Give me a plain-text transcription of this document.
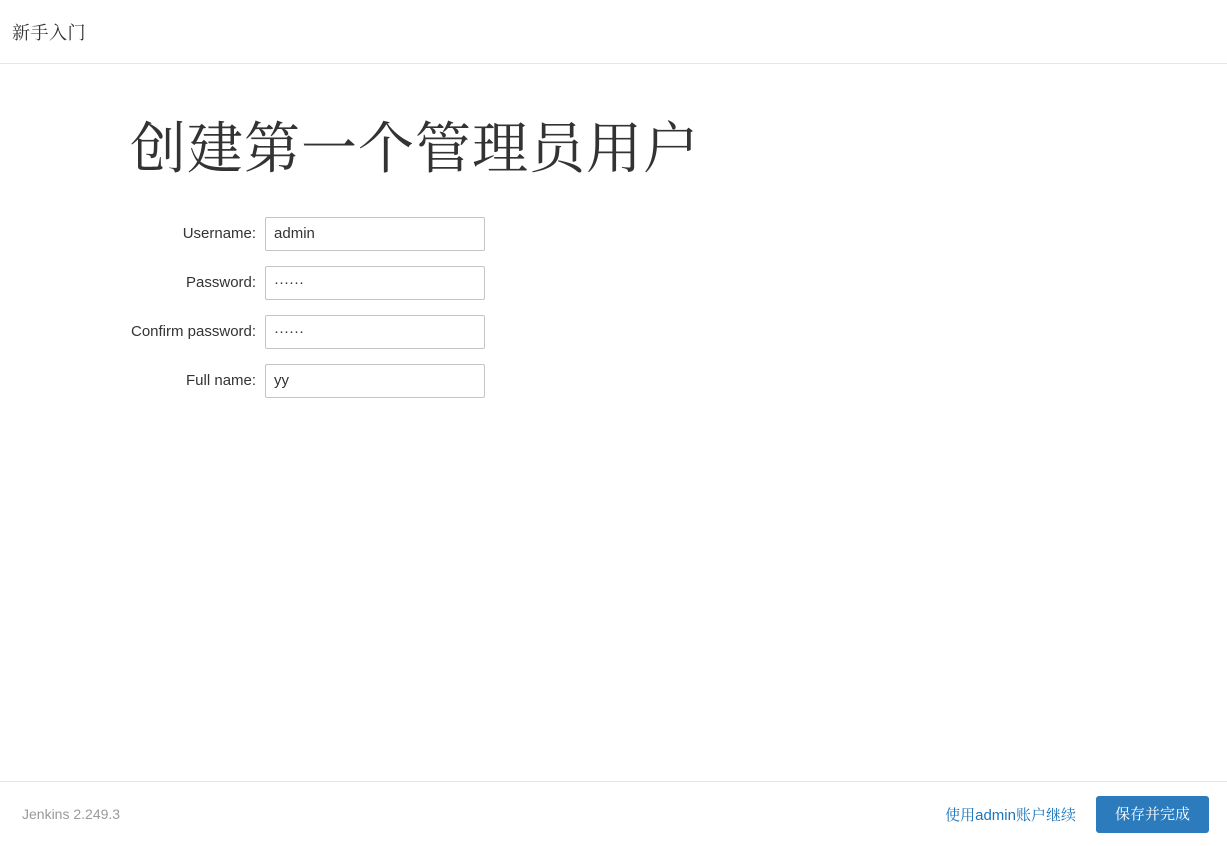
新手入门
创建第一个管理员用户
Username:	admin
Password:	······
Confirm password:	······
Full name:	yy
Jenkins 2.249.3	使用admin账户继续	保存并完成
